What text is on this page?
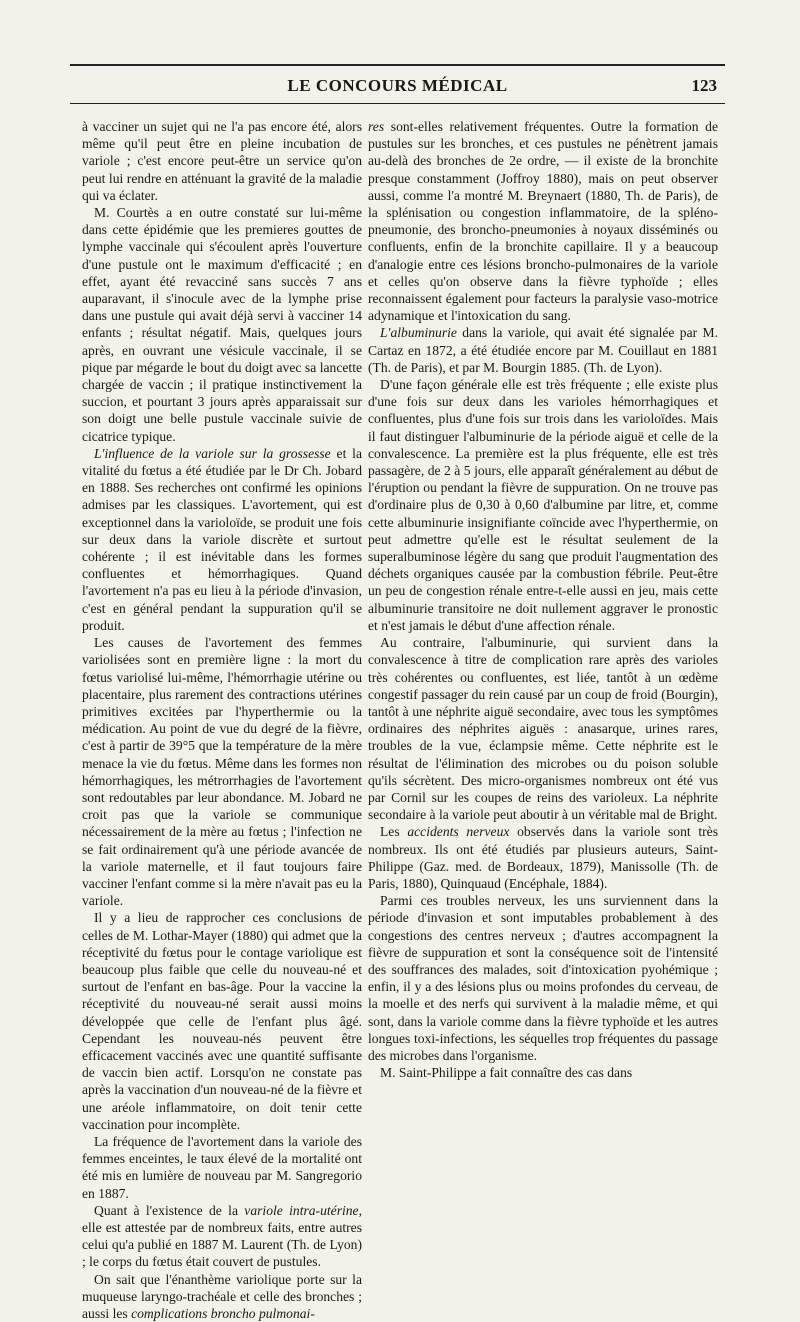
LE CONCOURS MÉDICAL	123

à vacciner un sujet qui ne l'a pas encore été, alors même qu'il peut être en pleine incubation de variole ; c'est encore peut-être un service qu'on peut lui rendre en atténuant la gravité de la maladie qui va éclater.

M. Courtès a en outre constaté sur lui-même dans cette épidémie que les premieres gouttes de lymphe vaccinale qui s'écoulent après l'ouverture d'une pustule ont le maximum d'efficacité ; en effet, ayant été revacciné sans succès 7 ans auparavant, il s'inocule avec de la lymphe prise dans une pustule qui avait déjà servi à vacciner 14 enfants ; résultat négatif. Mais, quelques jours après, en ouvrant une vésicule vaccinale, il se pique par mégarde le bout du doigt avec sa lancette chargée de vaccin ; il pratique instinctivement la succion, et pourtant 3 jours après apparaissait sur son doigt une belle pustule vaccinale suivie de cicatrice typique.

L'influence de la variole sur la grossesse et la vitalité du fœtus a été étudiée par le Dr Ch. Jobard en 1888. Ses recherches ont confirmé les opinions admises par les classiques. L'avortement, qui est exceptionnel dans la varioloïde, se produit une fois sur deux dans la variole discrète et surtout cohérente ; il est inévitable dans les formes confluentes et hémorrhagiques. Quand l'avortement n'a pas eu lieu à la période d'invasion, c'est en général pendant la suppuration qu'il se produit.

Les causes de l'avortement des femmes variolisées sont en première ligne : la mort du fœtus variolisé lui-même, l'hémorrhagie utérine ou placentaire, plus rarement des contractions utérines primitives excitées par l'hyperthermie ou la médication. Au point de vue du degré de la fièvre, c'est à partir de 39°5 que la température de la mère menace la vie du fœtus. Même dans les formes non hémorrhagiques, les métrorrhagies de l'avortement sont redoutables par leur abondance. M. Jobard ne croit pas que la variole se communique nécessairement de la mère au fœtus ; l'infection ne se fait ordinairement qu'à une période avancée de la variole maternelle, et il faut toujours faire vacciner l'enfant comme si la mère n'avait pas eu la variole.

Il y a lieu de rapprocher ces conclusions de celles de M. Lothar-Mayer (1880) qui admet que la réceptivité du fœtus pour le contage variolique est beaucoup plus faible que celle du nouveau-né et surtout de l'enfant en bas-âge. Pour la vaccine la réceptivité du nouveau-né serait aussi moins développée que celle de l'enfant plus âgé. Cependant les nouveau-nés peuvent être efficacement vaccinés avec une quantité suffisante de vaccin bien actif. Lorsqu'on ne constate pas après la vaccination d'un nouveau-né de la fièvre et une aréole inflammatoire, on doit tenir cette vaccination pour incomplète.

La fréquence de l'avortement dans la variole des femmes enceintes, le taux élevé de la mortalité ont été mis en lumière de nouveau par M. Sangregorio en 1887.

Quant à l'existence de la variole intra-utérine, elle est attestée par de nombreux faits, entre autres celui qu'a publié en 1887 M. Laurent (Th. de Lyon) ; le corps du fœtus était couvert de pustules.

On sait que l'énanthème variolique porte sur la muqueuse laryngo-trachéale et celle des bronches ; aussi les complications broncho pulmonai-

res sont-elles relativement fréquentes. Outre la formation de pustules sur les bronches, et ces pustules ne pénètrent jamais au-delà des bronches de 2e ordre, — il existe de la bronchite presque constamment (Joffroy 1880), mais on peut observer aussi, comme l'a montré M. Breynaert (1880, Th. de Paris), de la splénisation ou congestion inflammatoire, de la spléno-pneumonie, des broncho-pneumonies à noyaux disséminés ou confluents, enfin de la bronchite capillaire. Il y a beaucoup d'analogie entre ces lésions broncho-pulmonaires de la variole et celles qu'on observe dans la fièvre typhoïde ; elles reconnaissent également pour facteurs la paralysie vaso-motrice adynamique et l'intoxication du sang.

L'albuminurie dans la variole, qui avait été signalée par M. Cartaz en 1872, a été étudiée encore par M. Couillaut en 1881 (Th. de Paris), et par M. Bourgin 1885. (Th. de Lyon).

D'une façon générale elle est très fréquente ; elle existe plus d'une fois sur deux dans les varioles hémorrhagiques et confluentes, plus d'une fois sur trois dans les varioloïdes. Mais il faut distinguer l'albuminurie de la période aiguë et celle de la convalescence. La première est la plus fréquente, elle est très passagère, de 2 à 5 jours, elle apparaît généralement au début de l'éruption ou pendant la fièvre de suppuration. On ne trouve pas d'ordinaire plus de 0,30 à 0,60 d'albumine par litre, et, comme cette albuminurie insignifiante coïncide avec l'hyperthermie, on peut admettre qu'elle est le résultat seulement de la superalbuminose légère du sang que produit l'augmentation des déchets organiques causée par la combustion fébrile. Peut-être un peu de congestion rénale entre-t-elle aussi en jeu, mais cette albuminurie transitoire ne doit nullement aggraver le pronostic et n'est jamais le début d'une affection rénale.

Au contraire, l'albuminurie, qui survient dans la convalescence à titre de complication rare après des varioles très cohérentes ou confluentes, est liée, tantôt à un œdème congestif passager du rein causé par un coup de froid (Bourgin), tantôt à une néphrite aiguë secondaire, avec tous les symptômes ordinaires des néphrites aiguës : anasarque, urines rares, troubles de la vue, éclampsie même. Cette néphrite est le résultat de l'élimination des microbes ou du poison soluble qu'ils sécrètent. Des micro-organismes nombreux ont été vus par Cornil sur les coupes de reins des varioleux. La néphrite secondaire à la variole peut aboutir à un véritable mal de Bright.

Les accidents nerveux observés dans la variole sont très nombreux. Ils ont été étudiés par plusieurs auteurs, Saint-Philippe (Gaz. med. de Bordeaux, 1879), Manissolle (Th. de Paris, 1880), Quinquaud (Encéphale, 1884).

Parmi ces troubles nerveux, les uns surviennent dans la période d'invasion et sont imputables probablement à des congestions des centres nerveux ; d'autres accompagnent la fièvre de suppuration et sont la conséquence soit de l'intensité des souffrances des malades, soit d'intoxication pyohémique ; enfin, il y a des lésions plus ou moins profondes du cerveau, de la moelle et des nerfs qui survivent à la maladie même, et qui sont, dans la variole comme dans la fièvre typhoïde et les autres longues toxi-infections, les séquelles trop fréquentes du passage des microbes dans l'organisme.

M. Saint-Philippe a fait connaître des cas dans
